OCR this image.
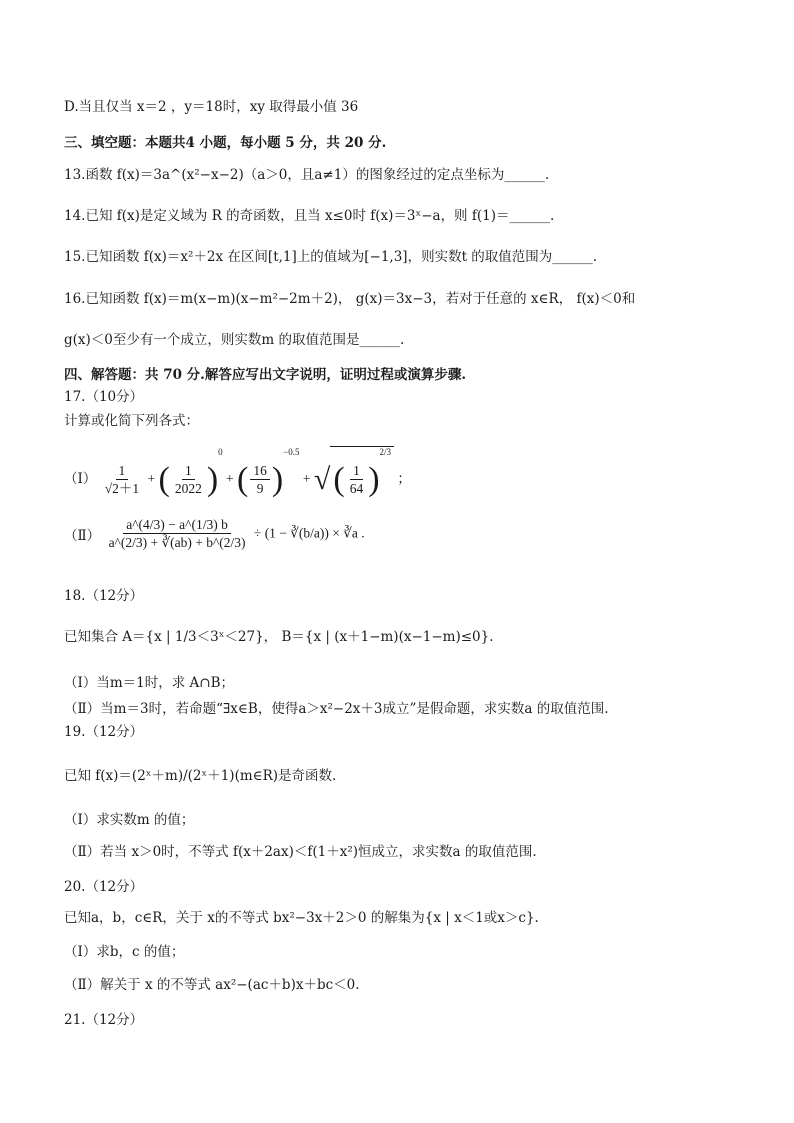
D.当且仅当 x＝2 ，y＝18时，xy 取得最小值 36
三、填空题：本题共4 小题，每小题 5 分，共 20 分.
13.函数 f(x)＝3a^(x²−x−2)（a＞0，且a≠1）的图象经过的定点坐标为______.
14.已知 f(x)是定义域为 R 的奇函数，且当 x≤0时 f(x)＝3ˣ−a，则 f(1)＝______.
15.已知函数 f(x)＝x²＋2x 在区间[t,1]上的值域为[−1,3]，则实数t 的取值范围为______.
16.已知函数 f(x)＝m(x−m)(x−m²−2m＋2)， g(x)＝3x−3，若对于任意的 x∈R， f(x)＜0和
g(x)＜0至少有一个成立，则实数m 的取值范围是______.
四、解答题：共 70 分.解答应写出文字说明，证明过程或演算步骤.
17.（10分）
计算或化简下列各式：
（Ⅰ） $\frac{1}{√2+1}$ + ( $\frac{1}{2022} )^0$ + ( $\frac{16}{9} )^{-0.5}$ + √( $\frac{1}{64} )^{2/3}$ ；
（Ⅱ） $\frac{a\^{}(4/3) - a\^{}(1/3) b}{a\^{}(2/3) + ∛(ab) + b\^{}(2/3)} \div (1$ − ∛(b/a)) × ∛a .
18.（12分）
已知集合 A＝{x | 1/3＜3ˣ＜27}， B＝{x | (x＋1−m)(x−1−m)≤0}.
（Ⅰ）当m＝1时，求 A∩B；
（Ⅱ）当m＝3时，若命题“∃x∈B，使得a＞x²−2x＋3成立”是假命题，求实数a 的取值范围.
19.（12分）
已知 f(x)＝(2ˣ＋m)/(2ˣ＋1)(m∈R)是奇函数.
（Ⅰ）求实数m 的值；
（Ⅱ）若当 x＞0时，不等式 f(x＋2ax)＜f(1＋x²)恒成立，求实数a 的取值范围.
20.（12分）
已知a，b，c∈R，关于 x的不等式 bx²−3x＋2＞0 的解集为{x | x＜1或x＞c}.
（Ⅰ）求b，c 的值；
（Ⅱ）解关于 x 的不等式 ax²−(ac＋b)x＋bc＜0.
21.（12分）
